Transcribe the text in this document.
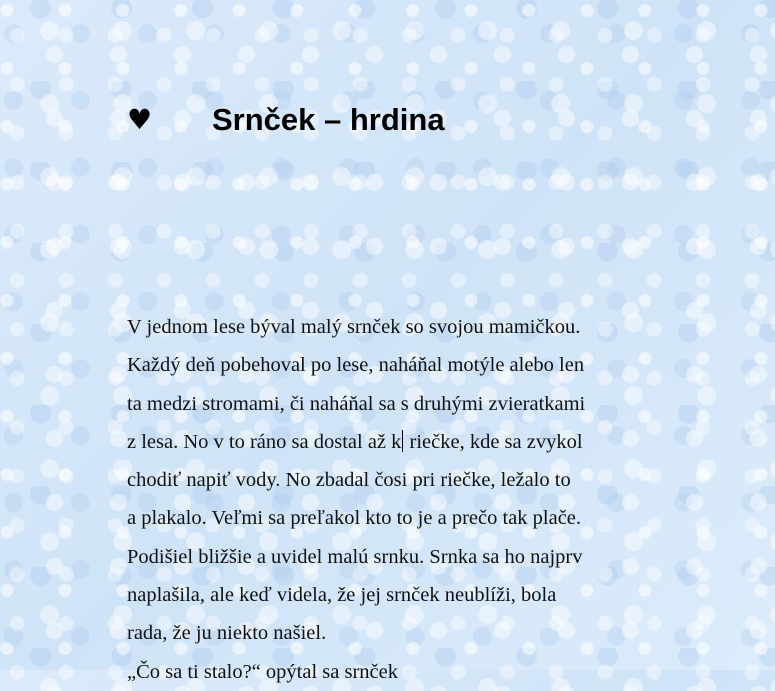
♥	Srnček – hrdina
V jednom lese býval malý srnček so svojou mamičkou.
Každý deň pobehoval po lese, naháňal motýle alebo len
ta medzi stromami, či naháňal sa s druhými zvieratkami
z lesa. No v to ráno sa dostal až k riečke, kde sa zvykol
chodiť napiť vody. No zbadal čosi pri riečke, ležalo to
a plakalo. Veľmi sa preľakol kto to je a prečo tak plače.
Podišiel bližšie a uvidel malú srnku. Srnka sa ho najprv
naplašila, ale keď videla, že jej srnček neublíži, bola
rada, že ju niekto našiel.
„Čo sa ti stalo?“ opýtal sa srnček
